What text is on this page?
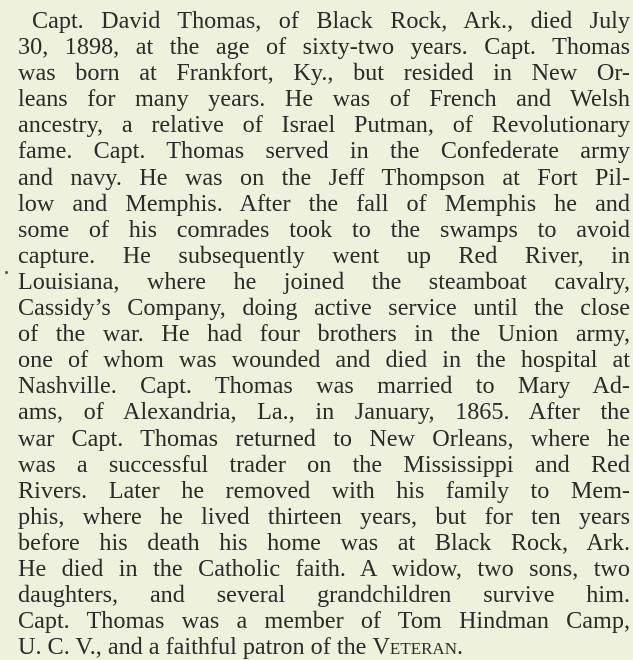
Capt. David Thomas, of Black Rock, Ark., died July
30, 1898, at the age of sixty-two years. Capt. Thomas
was born at Frankfort, Ky., but resided in New Or-
leans for many years. He was of French and Welsh
ancestry, a relative of Israel Putman, of Revolutionary
fame. Capt. Thomas served in the Confederate army
and navy. He was on the Jeff Thompson at Fort Pil-
low and Memphis. After the fall of Memphis he and
some of his comrades took to the swamps to avoid
capture. He subsequently went up Red River, in
Louisiana, where he joined the steamboat cavalry,
Cassidy’s Company, doing active service until the close
of the war. He had four brothers in the Union army,
one of whom was wounded and died in the hospital at
Nashville. Capt. Thomas was married to Mary Ad-
ams, of Alexandria, La., in January, 1865. After the
war Capt. Thomas returned to New Orleans, where he
was a successful trader on the Mississippi and Red
Rivers. Later he removed with his family to Mem-
phis, where he lived thirteen years, but for ten years
before his death his home was at Black Rock, Ark.
He died in the Catholic faith. A widow, two sons, two
daughters, and several grandchildren survive him.
Capt. Thomas was a member of Tom Hindman Camp,
U. C. V., and a faithful patron of the Veteran.
